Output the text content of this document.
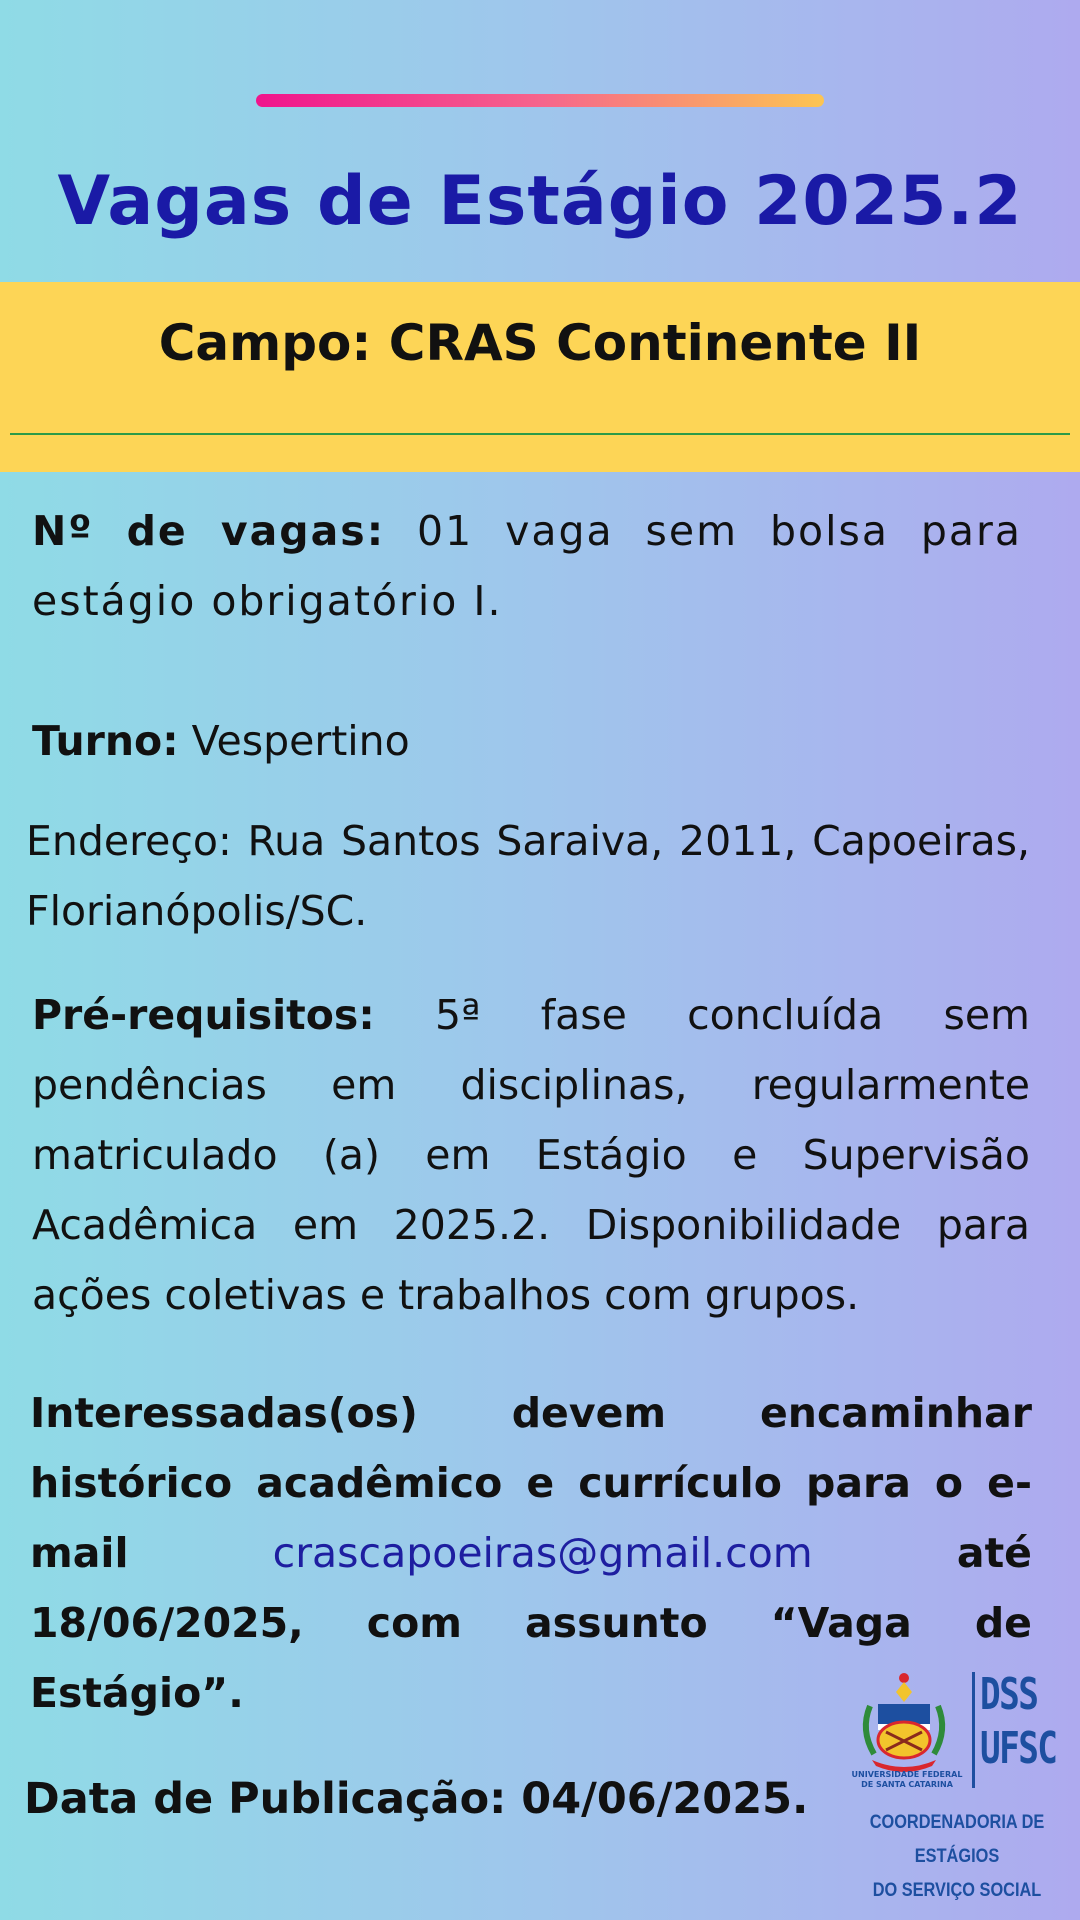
Vagas de Estágio 2025.2
Campo: CRAS Continente II
Nº de vagas: 01 vaga sem bolsa para estágio obrigatório I.
Turno: Vespertino
Endereço: Rua Santos Saraiva, 2011, Capoeiras, Florianópolis/SC.
Pré-requisitos: 5ª fase concluída sem pendências em disciplinas, regularmente matriculado (a) em Estágio e Supervisão Acadêmica em 2025.2. Disponibilidade para ações coletivas e trabalhos com grupos.
Interessadas(os) devem encaminhar histórico acadêmico e currículo para o e-mail crascapoeiras@gmail.com até 18/06/2025, com assunto “Vaga de Estágio”.
Data de Publicação: 04/06/2025.	UNIVERSIDADE FEDERAL DE SANTA CATARINA
DSS
UFSC
COORDENADORIA DE ESTÁGIOS
DO SERVIÇO SOCIAL
